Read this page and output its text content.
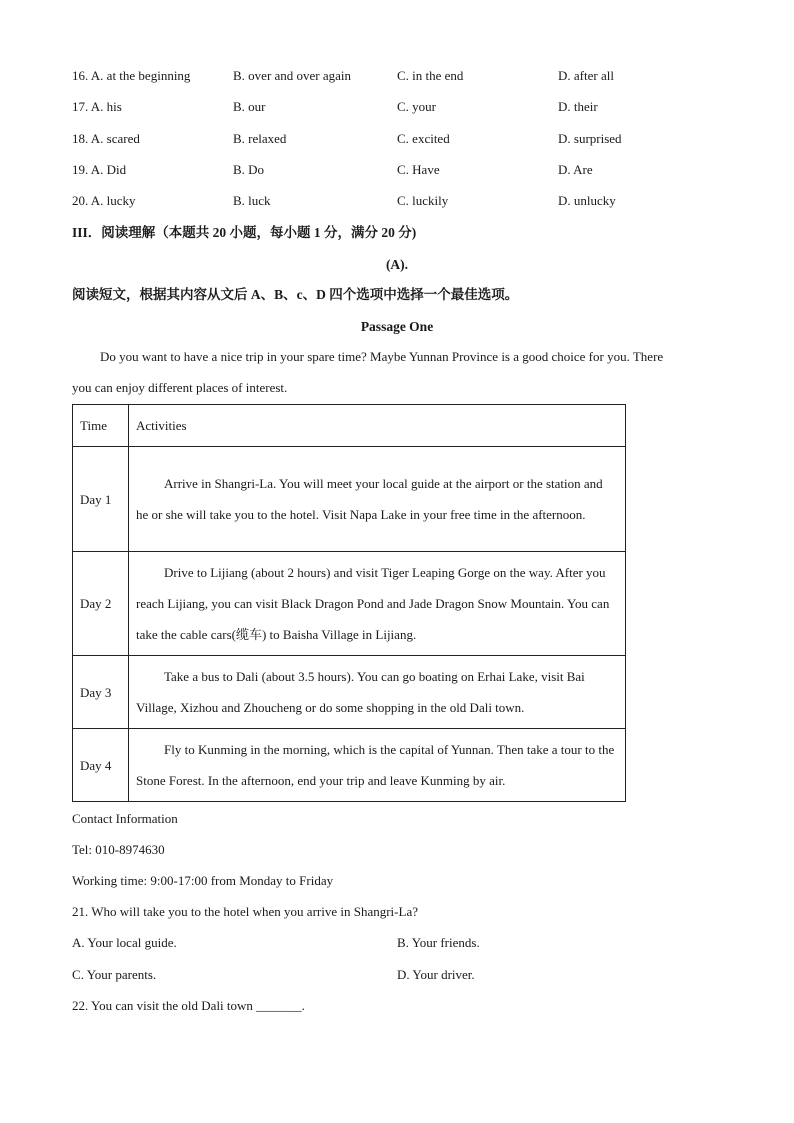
16. A. at the beginning	B. over and over again	C. in the end	D. after all
17. A. his	B. our	C. your	D. their
18. A. scared	B. relaxed	C. excited	D. surprised
19. A. Did	B. Do	C. Have	D. Are
20. A. lucky	B. luck	C. luckily	D. unlucky
III．阅读理解（本题共 20 小题，每小题 1 分，满分 20 分)
(A).
阅读短文，根据其内容从文后 A、B、c、D 四个选项中选择一个最佳选项。
Passage One
Do you want to have a nice trip in your spare time? Maybe Yunnan Province is a good choice for you. There
you can enjoy different places of interest.
Time	Activities
Day 1	Arrive in Shangri-La. You will meet your local guide at the airport or the station and he or she will take you to the hotel. Visit Napa Lake in your free time in the afternoon.

Day 2	Drive to Lijiang (about 2 hours) and visit Tiger Leaping Gorge on the way. After you reach Lijiang, you can visit Black Dragon Pond and Jade Dragon Snow Mountain. You can take the cable cars(缆车) to Baisha Village in Lijiang.

Day 3	Take a bus to Dali (about 3.5 hours). You can go boating on Erhai Lake, visit Bai Village, Xizhou and Zhoucheng or do some shopping in the old Dali town.

Day 4	Fly to Kunming in the morning, which is the capital of Yunnan. Then take a tour to the Stone Forest. In the afternoon, end your trip and leave Kunming by air.
Contact Information
Tel: 010-8974630
Working time: 9:00-17:00 from Monday to Friday
21. Who will take you to the hotel when you arrive in Shangri-La?
A. Your local guide.	B. Your friends.
C. Your parents.	D. Your driver.
22. You can visit the old Dali town _______.
